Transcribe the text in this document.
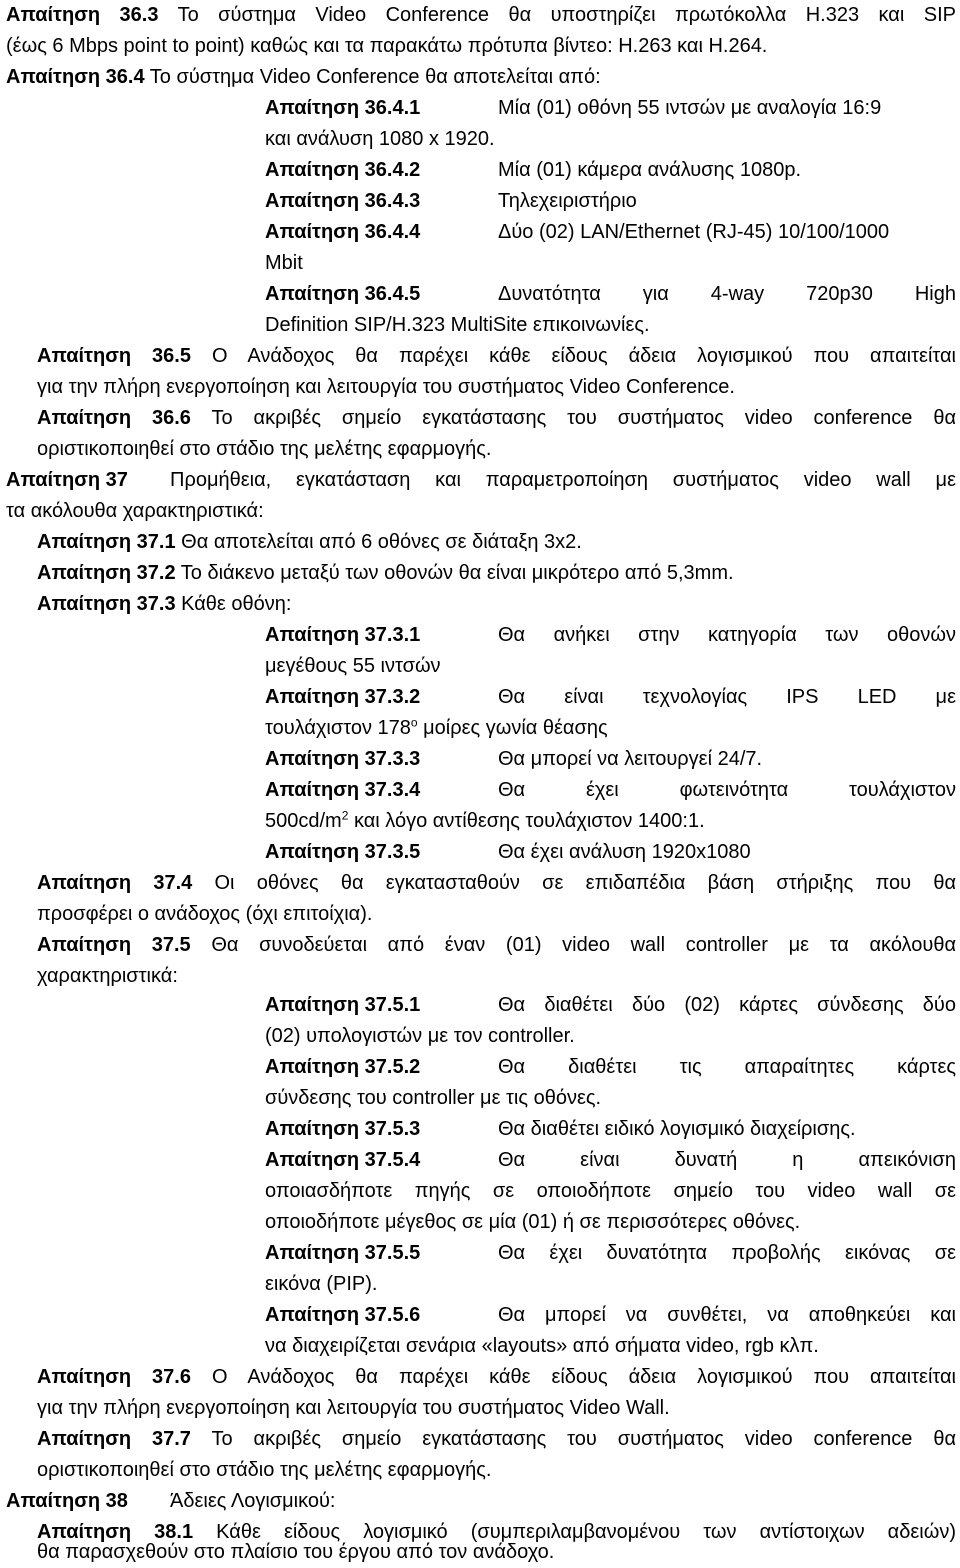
Απαίτηση 36.3 Το σύστημα Video Conference θα υποστηρίζει πρωτόκολλα H.323 και SIP
(έως 6 Mbps point to point) καθώς και τα παρακάτω πρότυπα βίντεο: H.263 και H.264.
Απαίτηση 36.4 Το σύστημα Video Conference θα αποτελείται από:
Απαίτηση 36.4.1	Μία (01) οθόνη 55 ιντσών με αναλογία 16:9
και ανάλυση 1080 x 1920.
Απαίτηση 36.4.2	Μία (01) κάμερα ανάλυσης 1080p.
Απαίτηση 36.4.3	Τηλεχειριστήριο
Απαίτηση 36.4.4	Δύο (02) LAN/Ethernet (RJ-45) 10/100/1000
Mbit
Απαίτηση 36.4.5	Δυνατότητα για 4-way 720p30 High
Definition SIP/H.323 MultiSite επικοινωνίες.
Απαίτηση 36.5 Ο Ανάδοχος θα παρέχει κάθε είδους άδεια λογισμικού που απαιτείται
για την πλήρη ενεργοποίηση και λειτουργία του συστήματος Video Conference.
Απαίτηση 36.6 Το ακριβές σημείο εγκατάστασης του συστήματος video conference θα
οριστικοποιηθεί στο στάδιο της μελέτης εφαρμογής.
Απαίτηση 37 Προμήθεια, εγκατάσταση και παραμετροποίηση συστήματος video wall με
τα ακόλουθα χαρακτηριστικά:
Απαίτηση 37.1 Θα αποτελείται από 6 οθόνες σε διάταξη 3x2.
Απαίτηση 37.2 Το διάκενο μεταξύ των οθονών θα είναι μικρότερο από 5,3mm.
Απαίτηση 37.3 Κάθε οθόνη:
Απαίτηση 37.3.1	Θα ανήκει στην κατηγορία των οθονών
μεγέθους 55 ιντσών
Απαίτηση 37.3.2	Θα είναι τεχνολογίας IPS LED με
τουλάχιστον $178^o$ μοίρες γωνία θέασης
Απαίτηση 37.3.3	Θα μπορεί να λειτουργεί 24/7.
Απαίτηση 37.3.4	Θα έχει φωτεινότητα τουλάχιστον
$500cd/m^2$ και λόγο αντίθεσης τουλάχιστον 1400:1.
Απαίτηση 37.3.5	Θα έχει ανάλυση 1920x1080
Απαίτηση 37.4 Οι οθόνες θα εγκατασταθούν σε επιδαπέδια βάση στήριξης που θα
προσφέρει ο ανάδοχος (όχι επιτοίχια).
Απαίτηση 37.5 Θα συνοδεύεται από έναν (01) video wall controller με τα ακόλουθα
χαρακτηριστικά:
Απαίτηση 37.5.1	Θα διαθέτει δύο (02) κάρτες σύνδεσης δύο
(02) υπολογιστών με τον controller.
Απαίτηση 37.5.2	Θα διαθέτει τις απαραίτητες κάρτες
σύνδεσης του controller με τις οθόνες.
Απαίτηση 37.5.3	Θα διαθέτει ειδικό λογισμικό διαχείρισης.
Απαίτηση 37.5.4	Θα είναι δυνατή η απεικόνιση
οποιασδήποτε πηγής σε οποιοδήποτε σημείο του video wall σε
οποιοδήποτε μέγεθος σε μία (01) ή σε περισσότερες οθόνες.
Απαίτηση 37.5.5	Θα έχει δυνατότητα προβολής εικόνας σε
εικόνα (PIP).
Απαίτηση 37.5.6	Θα μπορεί να συνθέτει, να αποθηκεύει και
να διαχειρίζεται σενάρια «layouts» από σήματα video, rgb κλπ.
Απαίτηση 37.6 Ο Ανάδοχος θα παρέχει κάθε είδους άδεια λογισμικού που απαιτείται
για την πλήρη ενεργοποίηση και λειτουργία του συστήματος Video Wall.
Απαίτηση 37.7 Το ακριβές σημείο εγκατάστασης του συστήματος video conference θα
οριστικοποιηθεί στο στάδιο της μελέτης εφαρμογής.
Απαίτηση 38 Άδειες Λογισμικού:
Απαίτηση 38.1 Κάθε είδους λογισμικό (συμπεριλαμβανομένου των αντίστοιχων αδειών)
θα παρασχεθούν στο πλαίσιο του έργου από τον ανάδοχο.
